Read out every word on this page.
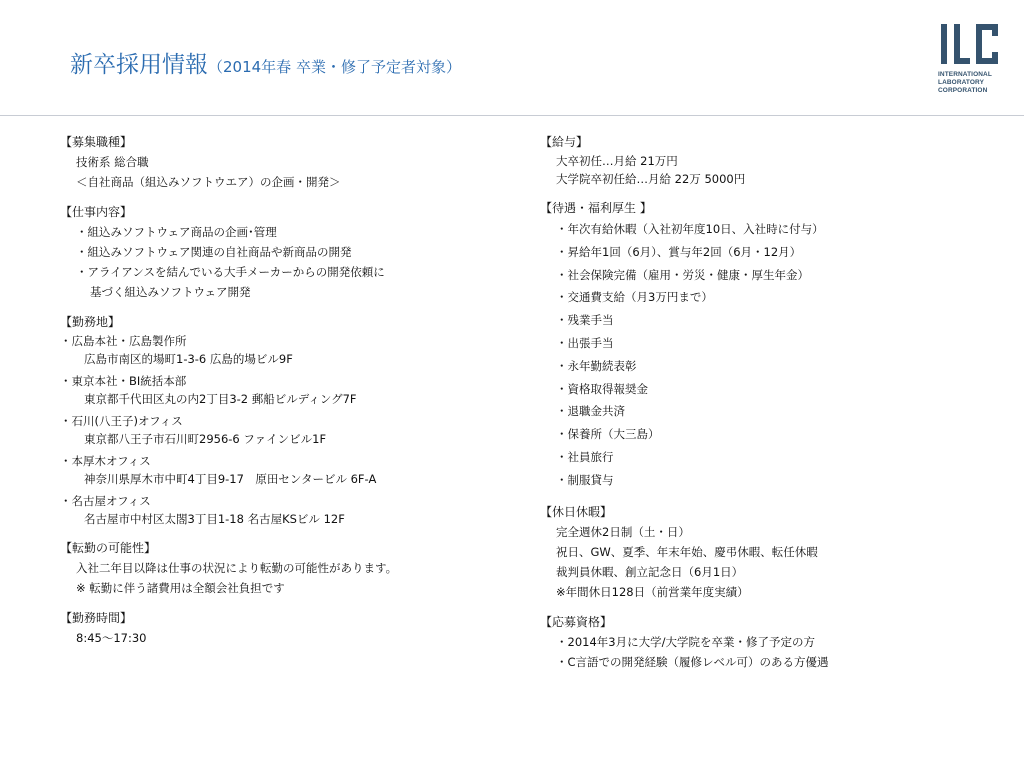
新卒採用情報（2014年春 卒業・修了予定者対象）	INTERNATIONAL
LABORATORY
CORPORATION
【募集職種】
技術系 総合職
＜自社商品（組込みソフトウエア）の企画・開発＞
【仕事内容】
・組込みソフトウェア商品の企画･管理
・組込みソフトウェア関連の自社商品や新商品の開発
・アライアンスを結んでいる大手メーカーからの開発依頼に
基づく組込みソフトウェア開発
【勤務地】
・広島本社・広島製作所
広島市南区的場町1-3-6 広島的場ビル9F
・東京本社・BI統括本部
東京都千代田区丸の内2丁目3-2 郵船ビルディング7F
・石川(八王子)オフィス
東京都八王子市石川町2956-6 ファインビル1F
・本厚木オフィス
神奈川県厚木市中町4丁目9-17　原田センタービル 6F-A
・名古屋オフィス
名古屋市中村区太閤3丁目1-18 名古屋KSビル 12F
【転勤の可能性】
入社二年目以降は仕事の状況により転勤の可能性があります。
※ 転勤に伴う諸費用は全額会社負担です
【勤務時間】
8:45～17:30
【給与】
大卒初任…月給 21万円
大学院卒初任給…月給 22万 5000円
【待遇・福利厚生 】
・年次有給休暇（入社初年度10日、入社時に付与）
・昇給年1回（6月）、賞与年2回（6月・12月）
・社会保険完備（雇用・労災・健康・厚生年金）
・交通費支給（月3万円まで）
・残業手当
・出張手当
・永年勤続表彰
・資格取得報奨金
・退職金共済
・保養所（大三島）
・社員旅行
・制服貸与
【休日休暇】
完全週休2日制（土・日）
祝日、GW、夏季、年末年始、慶弔休暇、転任休暇
裁判員休暇、創立記念日（6月1日）
※年間休日128日（前営業年度実績）
【応募資格】
・2014年3月に大学/大学院を卒業・修了予定の方
・C言語での開発経験（履修レベル可）のある方優遇
